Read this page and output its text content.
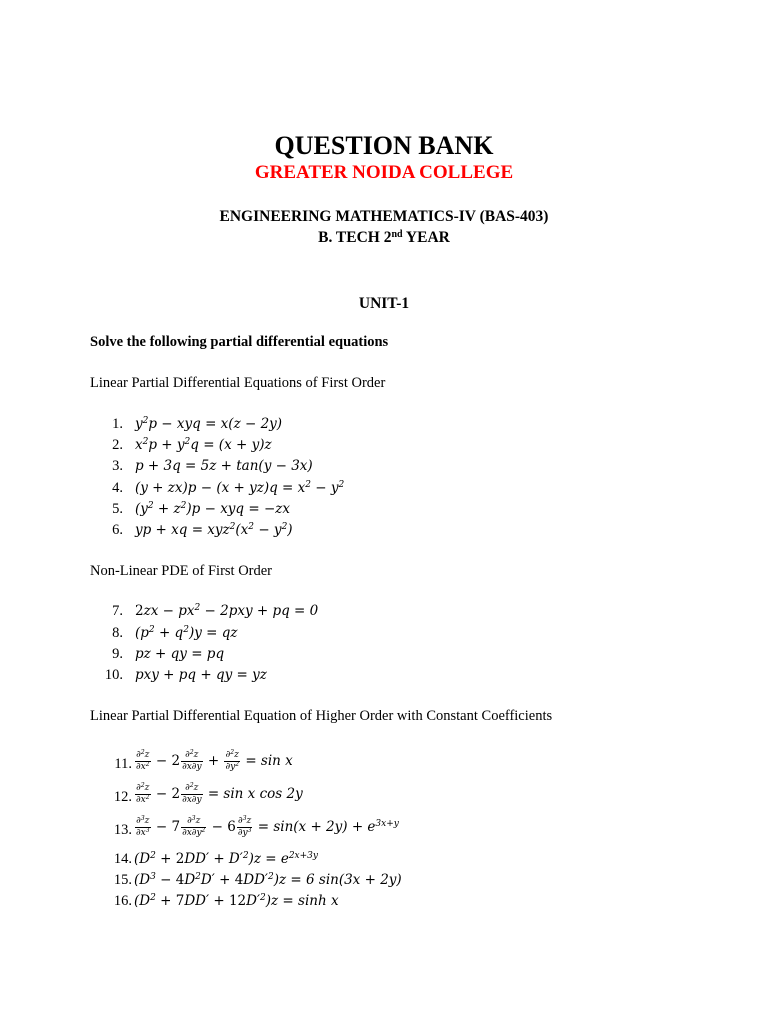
QUESTION BANK
GREATER NOIDA COLLEGE
ENGINEERING MATHEMATICS-IV (BAS-403)
B. TECH 2nd YEAR
UNIT-1
Solve the following partial differential equations
Linear Partial Differential Equations of First Order
1. $y^2p$ − xyq = x(z − 2y)
2. $x^2p + y^2q = (x + y)z$
3. p + 3q = 5z + tan(y − 3x)
4. $(y + zx)p - (x + yz)q = x^2 - y^2$
5. $(y^2 + z^2)p$ − xyq = −zx
6. yp + xq = $xyz^2(x^2 - y^2)$
Non-Linear PDE of First Order
7. $2zx - px^2 - 2pxy$ + pq = 0
8. $(p^2 + q^2)y$ = qz
9. pz + qy = pq
10. pxy + pq + qy = yz
Linear Partial Differential Equation of Higher Order with Constant Coefficients
11. $\frac{\partial^2z}{\partial x^2} - 2 \frac{\partial^2z}{\partial x\partial y} + \frac{\partial^2z}{\partial y^2} = \sin x$
12. $\frac{\partial^2z}{\partial x^2} - 2 \frac{\partial^2z}{\partial x\partial y} = \sin x$ cos 2y
13. $\frac{\partial^3z}{\partial x^3} - 7 \frac{\partial^3z}{\partial x\partial y^2} - 6 \frac{\partial^3z}{\partial y^3} = \sin(x + 2y) + e^{3x+y}$
14. $(D^2 + 2DD' + D'^2)z = e^{2x+3y}$
15. $(D^3 - 4D^2D' + 4DD'^2)z = 6$ sin(3x + 2y)
16. $(D^2 + 7DD' + 12D'^2)z = \sinh x$
